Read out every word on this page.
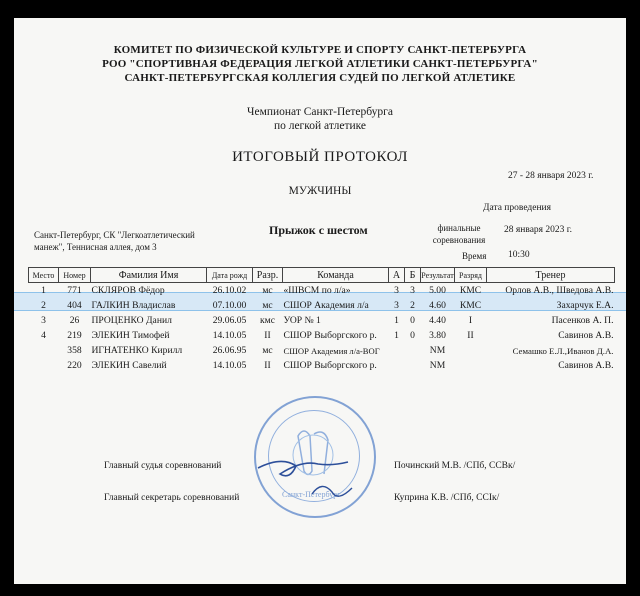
КОМИТЕТ ПО ФИЗИЧЕСКОЙ КУЛЬТУРЕ И СПОРТУ САНКТ-ПЕТЕРБУРГА
РОО "СПОРТИВНАЯ ФЕДЕРАЦИЯ ЛЕГКОЙ АТЛЕТИКИ САНКТ-ПЕТЕРБУРГА"
САНКТ-ПЕТЕРБУРГСКАЯ КОЛЛЕГИЯ СУДЕЙ ПО ЛЕГКОЙ АТЛЕТИКЕ
Чемпионат Санкт-Петербурга
по легкой атлетике
ИТОГОВЫЙ ПРОТОКОЛ
27 - 28 января 2023 г.
МУЖЧИНЫ
Дата проведения
Санкт-Петербург, СК "Легкоатлетический
манеж", Теннисная аллея, дом 3
Прыжок с шестом	финальные
соревнования
28 января 2023 г.
Время 10:30
Место	Номер	Фамилия Имя	Дата рожд	Разр.	Команда	А	Б	Результат	Разряд	Тренер
1	771	СКЛЯРОВ Фёдор	26.10.02	мс	«ШВСМ по л/а»	3	3	5.00	КМС	Орлов А.В., Шведова А.В.
2	404	ГАЛКИН Владислав	07.10.00	мс	СШОР Академия л/а	3	2	4.60	КМС	Захарчук Е.А.
3	26	ПРОЦЕНКО Данил	29.06.05	кмс	УОР № 1	1	0	4.40	I	Пасенков А. П.
4	219	ЭЛЕКИН Тимофей	14.10.05	II	СШОР Выборгского р.	1	0	3.80	II	Савинов А.В.
	358	ИГНАТЕНКО Кирилл	26.06.95	мс	СШОР Академия л/а-ВОГ			NM		Семашко Е.Л.,Иванов Д.А.
	220	ЭЛЕКИН Савелий	14.10.05	II	СШОР Выборгского р.			NM		Савинов А.В.
Санкт-Петербург
Главный судья соревнований	Починский М.В. /СПб, ССВк/
Главный секретарь соревнований	Куприна К.В. /СПб, ССIк/
